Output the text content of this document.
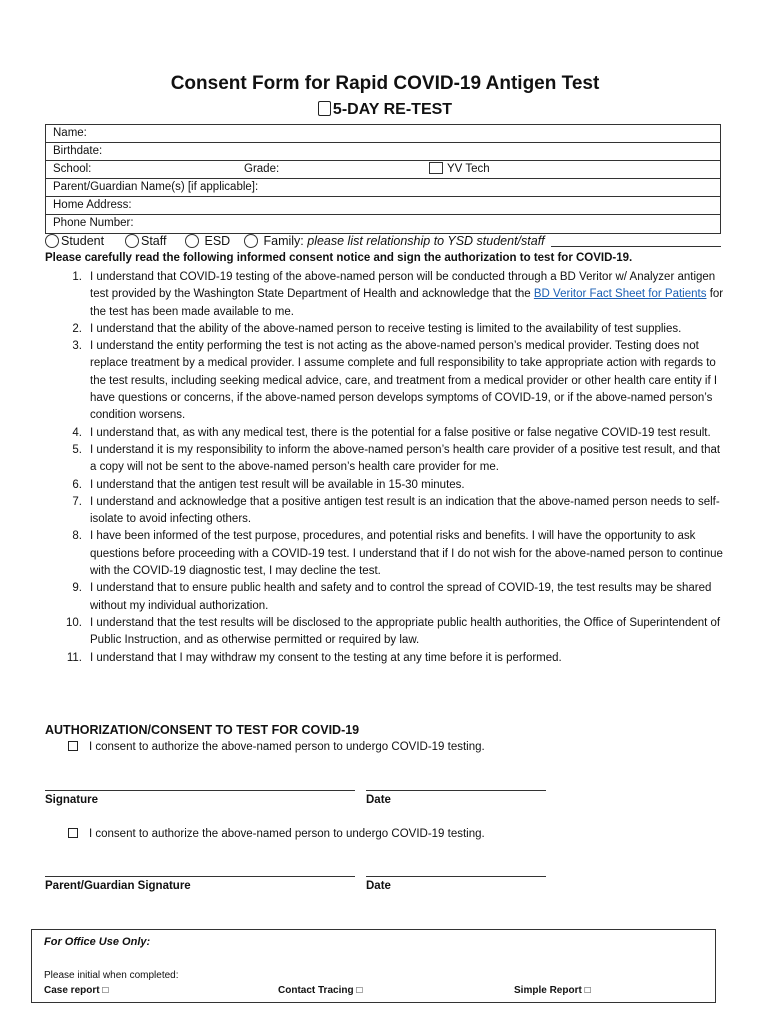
Consent Form for Rapid COVID-19 Antigen Test
5-DAY RE-TEST
Name:
Birthdate:
School:	Grade:	YV Tech
Parent/Guardian Name(s) [if applicable]:
Home Address:
Phone Number:
Student	Staff	ESD	Family: please list relationship to YSD student/staff
Please carefully read the following informed consent notice and sign the authorization to test for COVID-19.
1. I understand that COVID-19 testing of the above-named person will be conducted through a BD Veritor w/ Analyzer antigen test provided by the Washington State Department of Health and acknowledge that the BD Veritor Fact Sheet for Patients for the test has been made available to me.
2. I understand that the ability of the above-named person to receive testing is limited to the availability of test supplies.
3. I understand the entity performing the test is not acting as the above-named person’s medical provider. Testing does not replace treatment by a medical provider. I assume complete and full responsibility to take appropriate action with regards to the test results, including seeking medical advice, care, and treatment from a medical provider or other health care entity if I have questions or concerns, if the above-named person develops symptoms of COVID-19, or if the above-named person’s condition worsens.
4. I understand that, as with any medical test, there is the potential for a false positive or false negative COVID-19 test result.
5. I understand it is my responsibility to inform the above-named person’s health care provider of a positive test result, and that a copy will not be sent to the above-named person’s health care provider for me.
6. I understand that the antigen test result will be available in 15-30 minutes.
7. I understand and acknowledge that a positive antigen test result is an indication that the above-named person needs to self-isolate to avoid infecting others.
8. I have been informed of the test purpose, procedures, and potential risks and benefits. I will have the opportunity to ask questions before proceeding with a COVID-19 test. I understand that if I do not wish for the above-named person to continue with the COVID-19 diagnostic test, I may decline the test.
9. I understand that to ensure public health and safety and to control the spread of COVID-19, the test results may be shared without my individual authorization.
10. I understand that the test results will be disclosed to the appropriate public health authorities, the Office of Superintendent of Public Instruction, and as otherwise permitted or required by law.
11. I understand that I may withdraw my consent to the testing at any time before it is performed.
AUTHORIZATION/CONSENT TO TEST FOR COVID-19
I consent to authorize the above-named person to undergo COVID-19 testing.
Signature	Date
I consent to authorize the above-named person to undergo COVID-19 testing.
Parent/Guardian Signature	Date
For Office Use Only:
Please initial when completed:
Case report □	Contact Tracing □	Simple Report □
